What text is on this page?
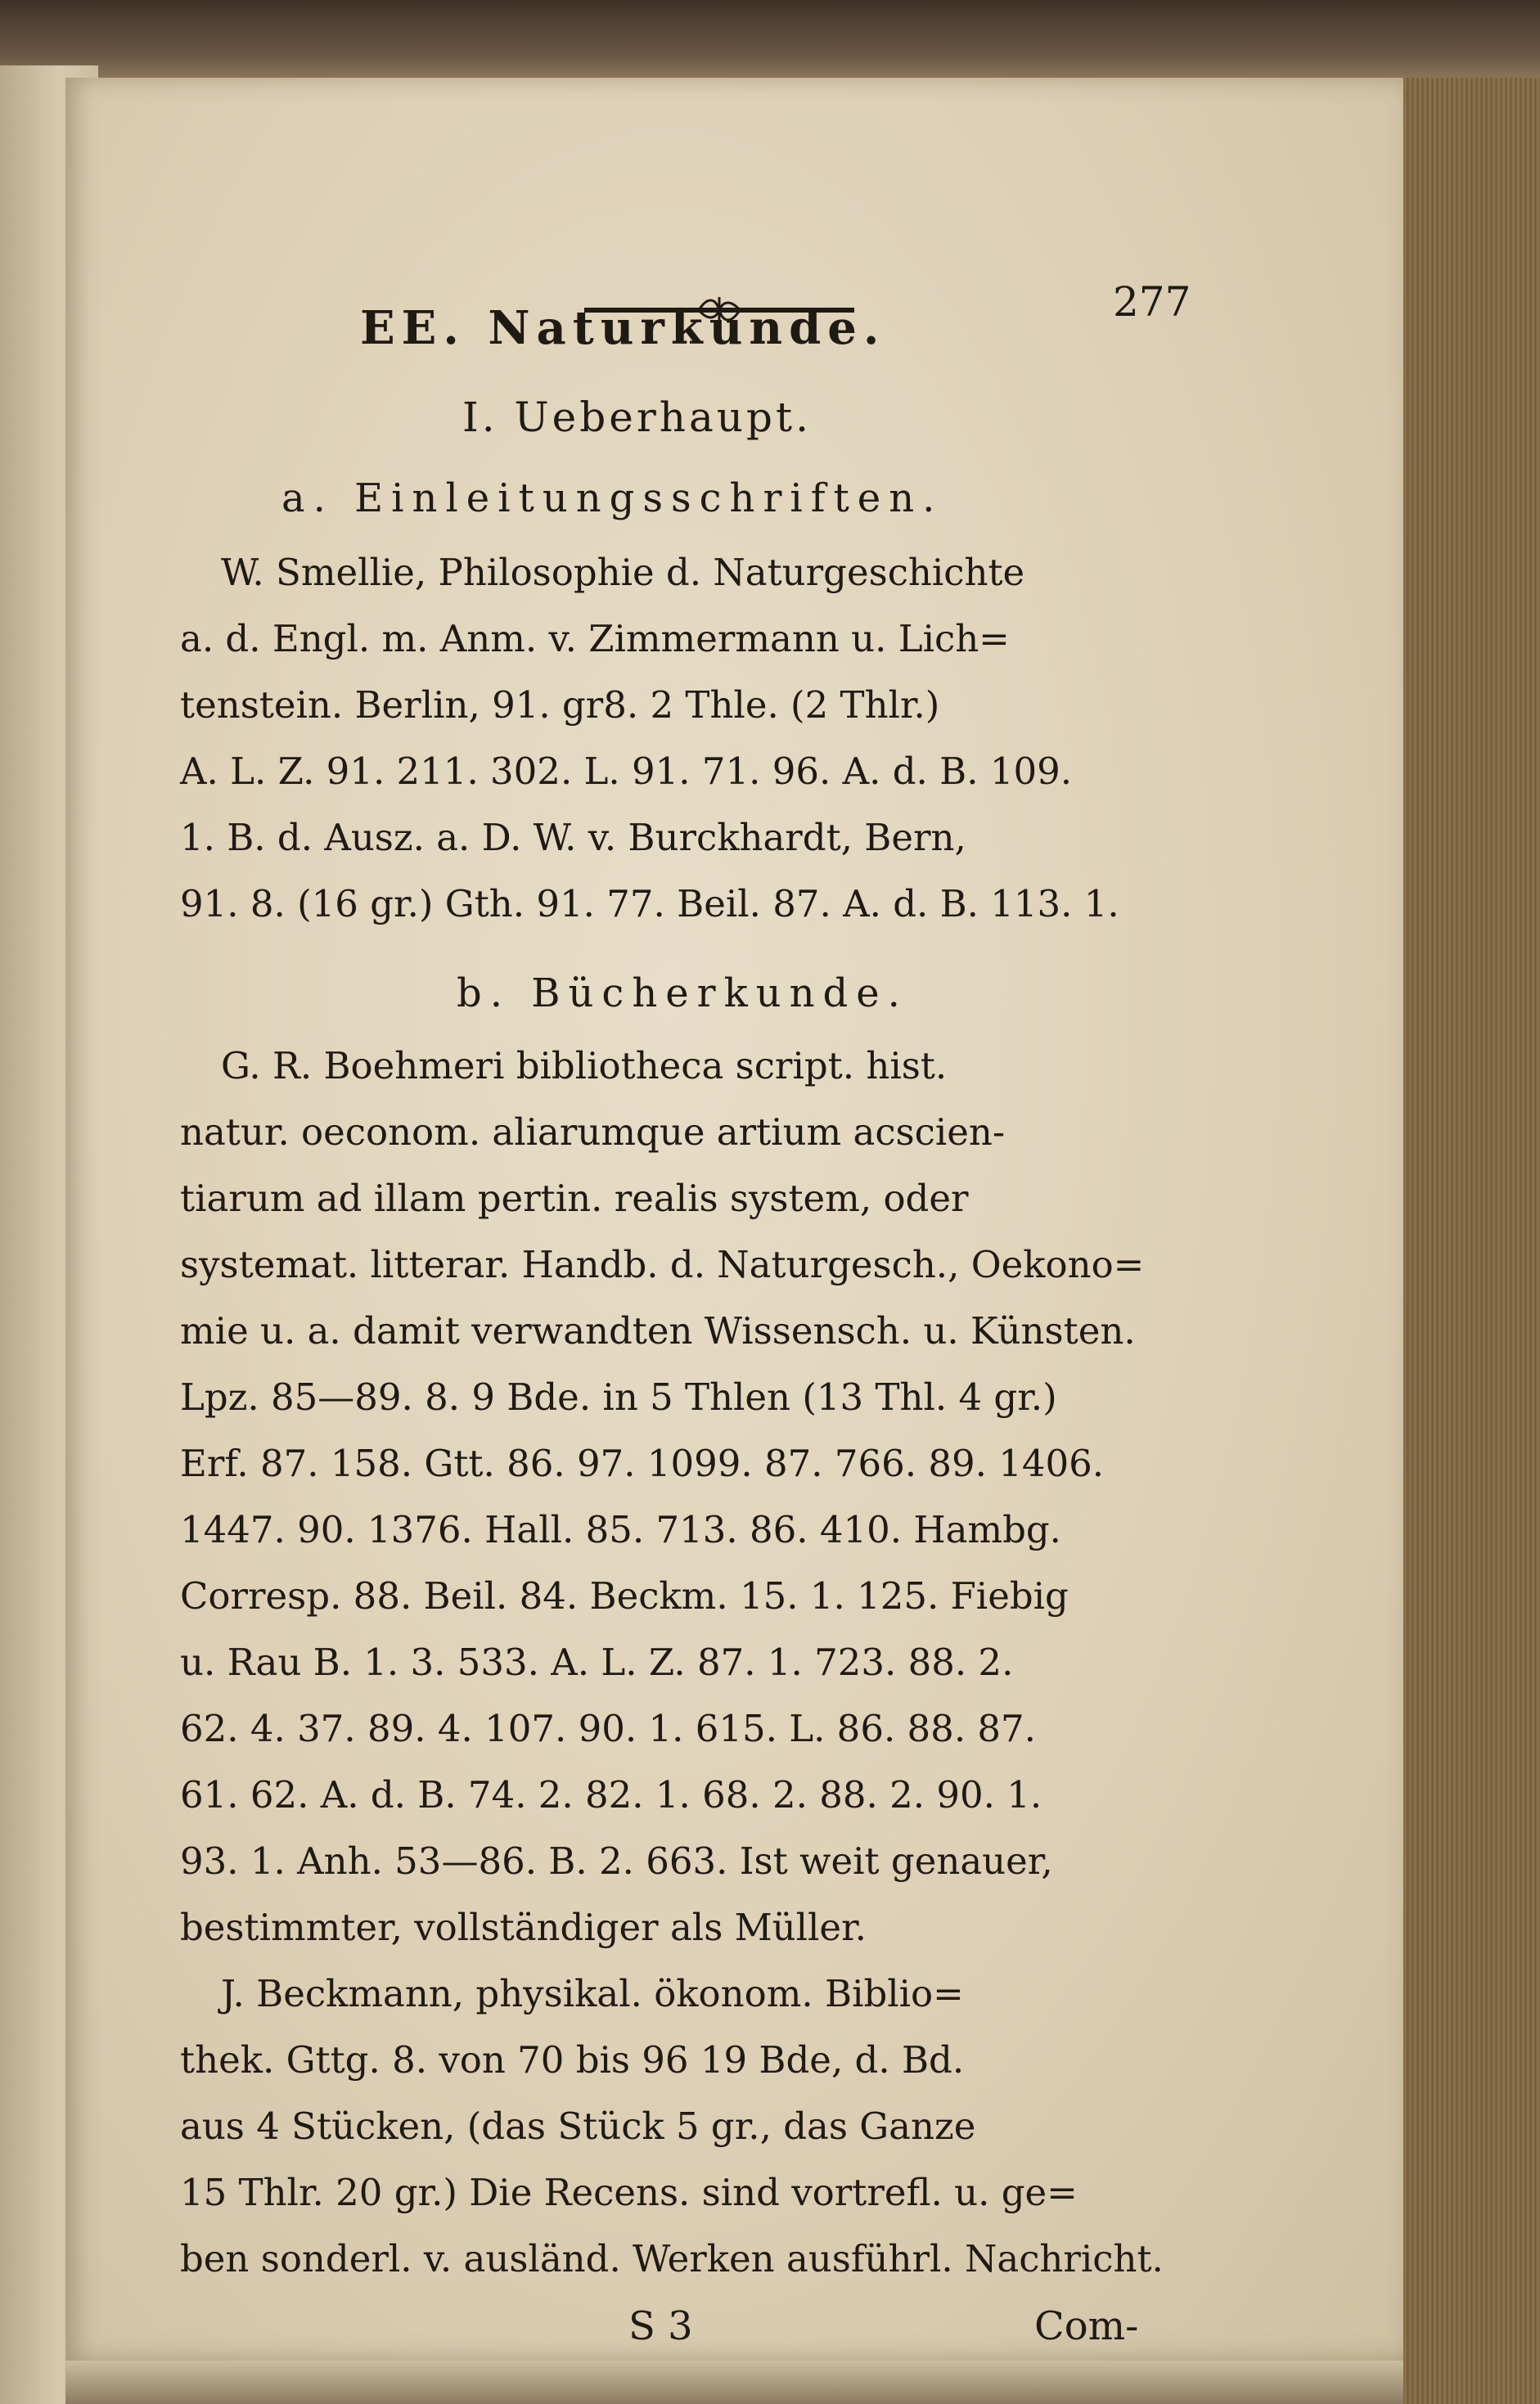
277
EE. Naturkunde.
I. Ueberhaupt.
a. Einleitungsschriften.
W. Smellie, Philosophie d. Naturgeschichte
a. d. Engl. m. Anm. v. Zimmermann u. Lich=
tenstein. Berlin, 91. gr8. 2 Thle. (2 Thlr.)
A. L. Z. 91. 211. 302. L. 91. 71. 96. A. d. B. 109.
1. B. d. Ausz. a. D. W. v. Burckhardt, Bern,
91. 8. (16 gr.) Gth. 91. 77. Beil. 87. A. d. B. 113. 1.
b. Bücherkunde.
G. R. Boehmeri bibliotheca script. hist.
natur. oeconom. aliarumque artium acscien-
tiarum ad illam pertin. realis system, oder
systemat. litterar. Handb. d. Naturgesch., Oekono=
mie u. a. damit verwandten Wissensch. u. Künsten.
Lpz. 85—89. 8. 9 Bde. in 5 Thlen (13 Thl. 4 gr.)
Erf. 87. 158. Gtt. 86. 97. 1099. 87. 766. 89. 1406.
1447. 90. 1376. Hall. 85. 713. 86. 410. Hambg.
Corresp. 88. Beil. 84. Beckm. 15. 1. 125. Fiebig
u. Rau B. 1. 3. 533. A. L. Z. 87. 1. 723. 88. 2.
62. 4. 37. 89. 4. 107. 90. 1. 615. L. 86. 88. 87.
61. 62. A. d. B. 74. 2. 82. 1. 68. 2. 88. 2. 90. 1.
93. 1. Anh. 53—86. B. 2. 663. Ist weit genauer,
bestimmter, vollständiger als Müller.
J. Beckmann, physikal. ökonom. Biblio=
thek. Gttg. 8. von 70 bis 96 19 Bde, d. Bd.
aus 4 Stücken, (das Stück 5 gr., das Ganze
15 Thlr. 20 gr.) Die Recens. sind vortrefl. u. ge=
ben sonderl. v. ausländ. Werken ausführl. Nachricht.
S 3	Com-
